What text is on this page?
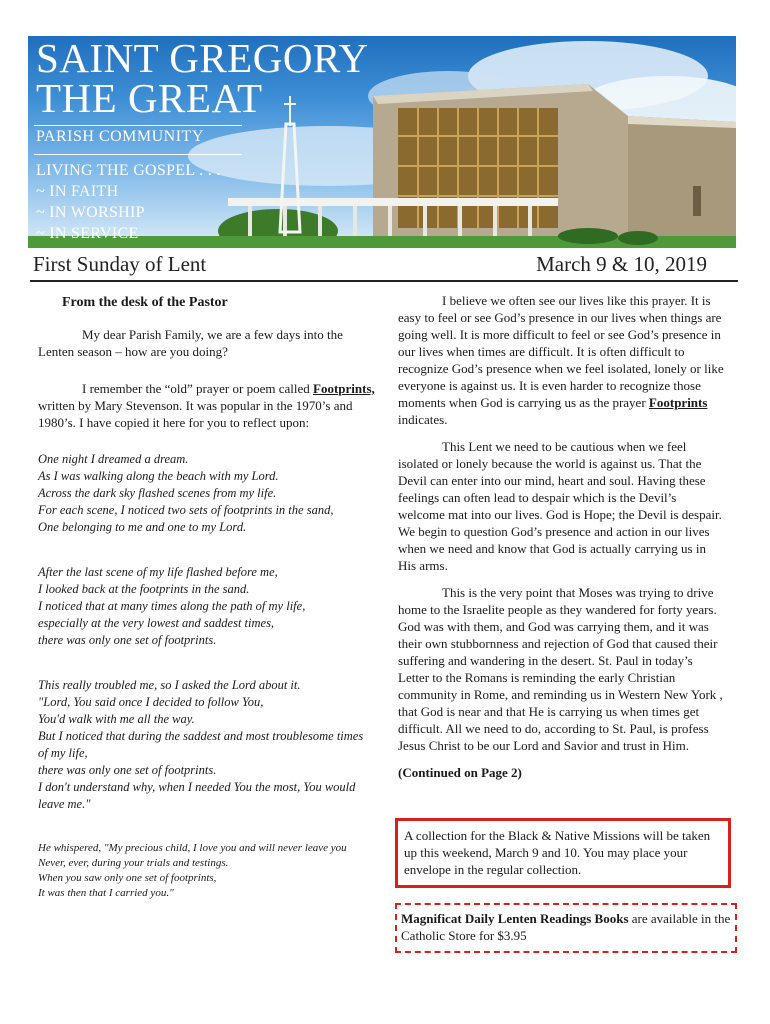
SAINT GREGORY
THE GREAT
PARISH COMMUNITY
LIVING THE GOSPEL . . .
~ IN FAITH
~ IN WORSHIP
~ IN SERVICE
First Sunday of Lent	March 9 & 10, 2019
From the desk of the Pastor

My dear Parish Family, we are a few days into the Lenten season – how are you doing?

I remember the “old” prayer or poem called Footprints, written by Mary Stevenson. It was popular in the 1970’s and 1980’s. I have copied it here for you to reflect upon:

One night I dreamed a dream.
As I was walking along the beach with my Lord.
Across the dark sky flashed scenes from my life.
For each scene, I noticed two sets of footprints in the sand,
One belonging to me and one to my Lord.
After the last scene of my life flashed before me,
I looked back at the footprints in the sand.
I noticed that at many times along the path of my life,
especially at the very lowest and saddest times,
there was only one set of footprints.
This really troubled me, so I asked the Lord about it.
"Lord, You said once I decided to follow You,
You'd walk with me all the way.
But I noticed that during the saddest and most troublesome times of my life,
there was only one set of footprints.
I don't understand why, when I needed You the most, You would leave me."
He whispered, "My precious child, I love you and will never leave you
Never, ever, during your trials and testings.
When you saw only one set of footprints,
It was then that I carried you."

I believe we often see our lives like this prayer. It is easy to feel or see God’s presence in our lives when things are going well. It is more difficult to feel or see God’s presence in our lives when times are difficult. It is often difficult to recognize God’s presence when we feel isolated, lonely or like everyone is against us. It is even harder to recognize those moments when God is carrying us as the prayer Footprints indicates.

This Lent we need to be cautious when we feel isolated or lonely because the world is against us. That the Devil can enter into our mind, heart and soul. Having these feelings can often lead to despair which is the Devil’s welcome mat into our lives. God is Hope; the Devil is despair. We begin to question God’s presence and action in our lives when we need and know that God is actually carrying us in His arms.

This is the very point that Moses was trying to drive home to the Israelite people as they wandered for forty years. God was with them, and God was carrying them, and it was their own stubbornness and rejection of God that caused their suffering and wandering in the desert. St. Paul in today’s Letter to the Romans is reminding the early Christian community in Rome, and reminding us in Western New York , that God is near and that He is carrying us when times get difficult. All we need to do, according to St. Paul, is profess Jesus Christ to be our Lord and Savior and trust in Him.

(Continued on Page 2)

A collection for the Black & Native Missions will be taken up this weekend, March 9 and 10. You may place your envelope in the regular collection.
Magnificat Daily Lenten Readings Books are available in the Catholic Store for $3.95
